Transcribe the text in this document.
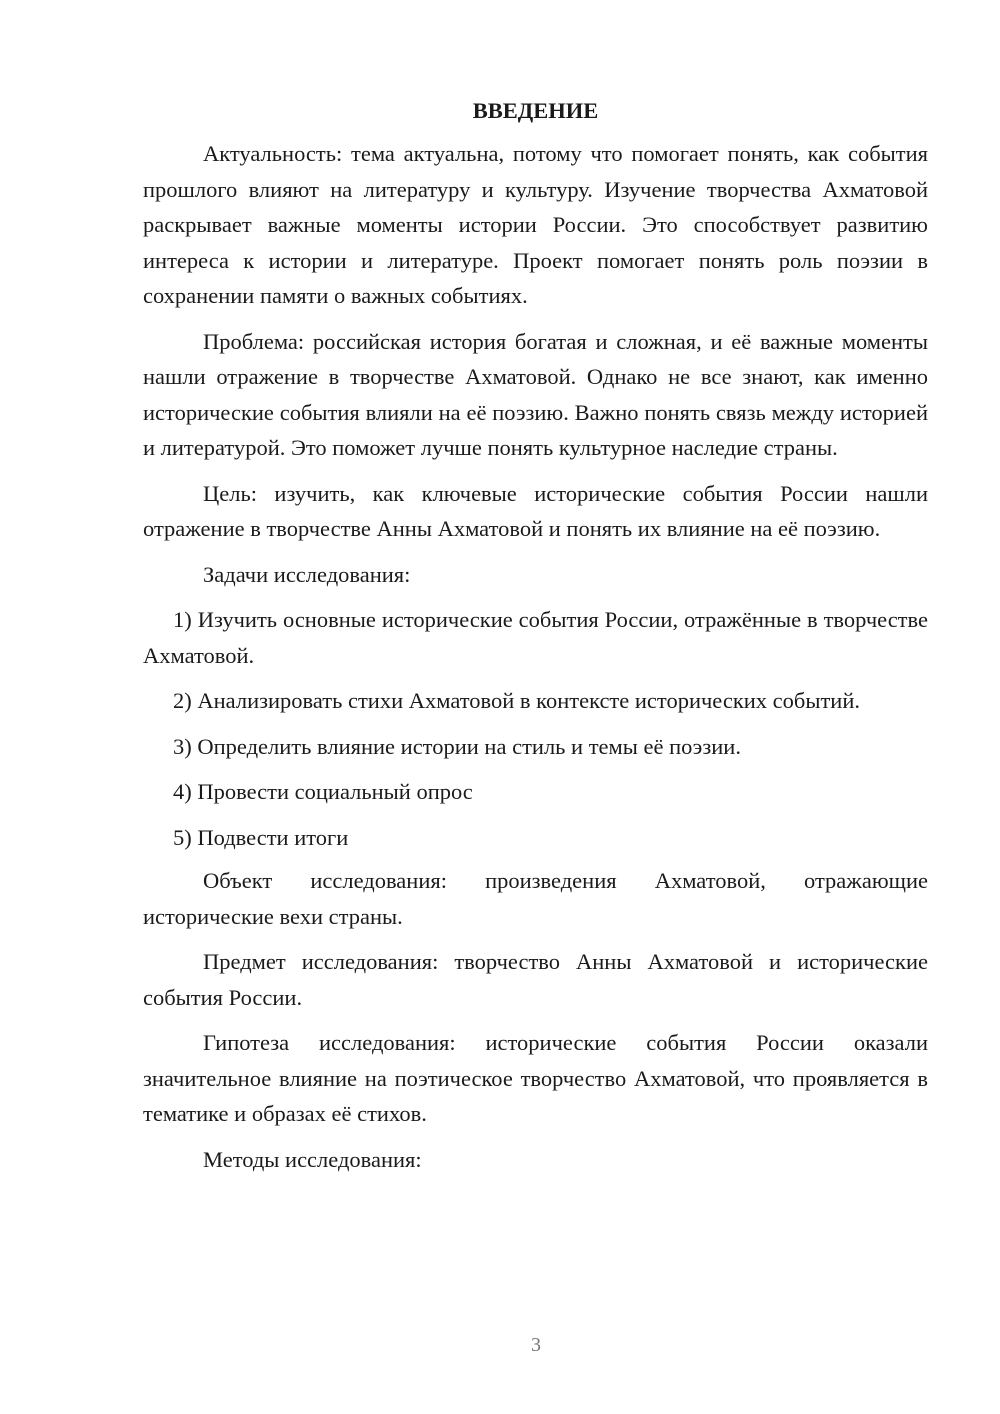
ВВЕДЕНИЕ

Актуальность: тема актуальна, потому что помогает понять, как события прошлого влияют на литературу и культуру. Изучение творчества Ахматовой раскрывает важные моменты истории России. Это способствует развитию интереса к истории и литературе. Проект помогает понять роль поэзии в сохранении памяти о важных событиях.

Проблема: российская история богатая и сложная, и её важные моменты нашли отражение в творчестве Ахматовой. Однако не все знают, как именно исторические события влияли на её поэзию. Важно понять связь между историей и литературой. Это поможет лучше понять культурное наследие страны.

Цель: изучить, как ключевые исторические события России нашли отражение в творчестве Анны Ахматовой и понять их влияние на её поэзию.

Задачи исследования:

1) Изучить основные исторические события России, отражённые в творчестве Ахматовой.

2) Анализировать стихи Ахматовой в контексте исторических событий.

3) Определить влияние истории на стиль и темы её поэзии.

4) Провести социальный опрос

5) Подвести итоги

Объект исследования: произведения Ахматовой, отражающие исторические вехи страны.

Предмет исследования: творчество Анны Ахматовой и исторические события России.

Гипотеза исследования: исторические события России оказали значительное влияние на поэтическое творчество Ахматовой, что проявляется в тематике и образах её стихов.

Методы исследования:

3
